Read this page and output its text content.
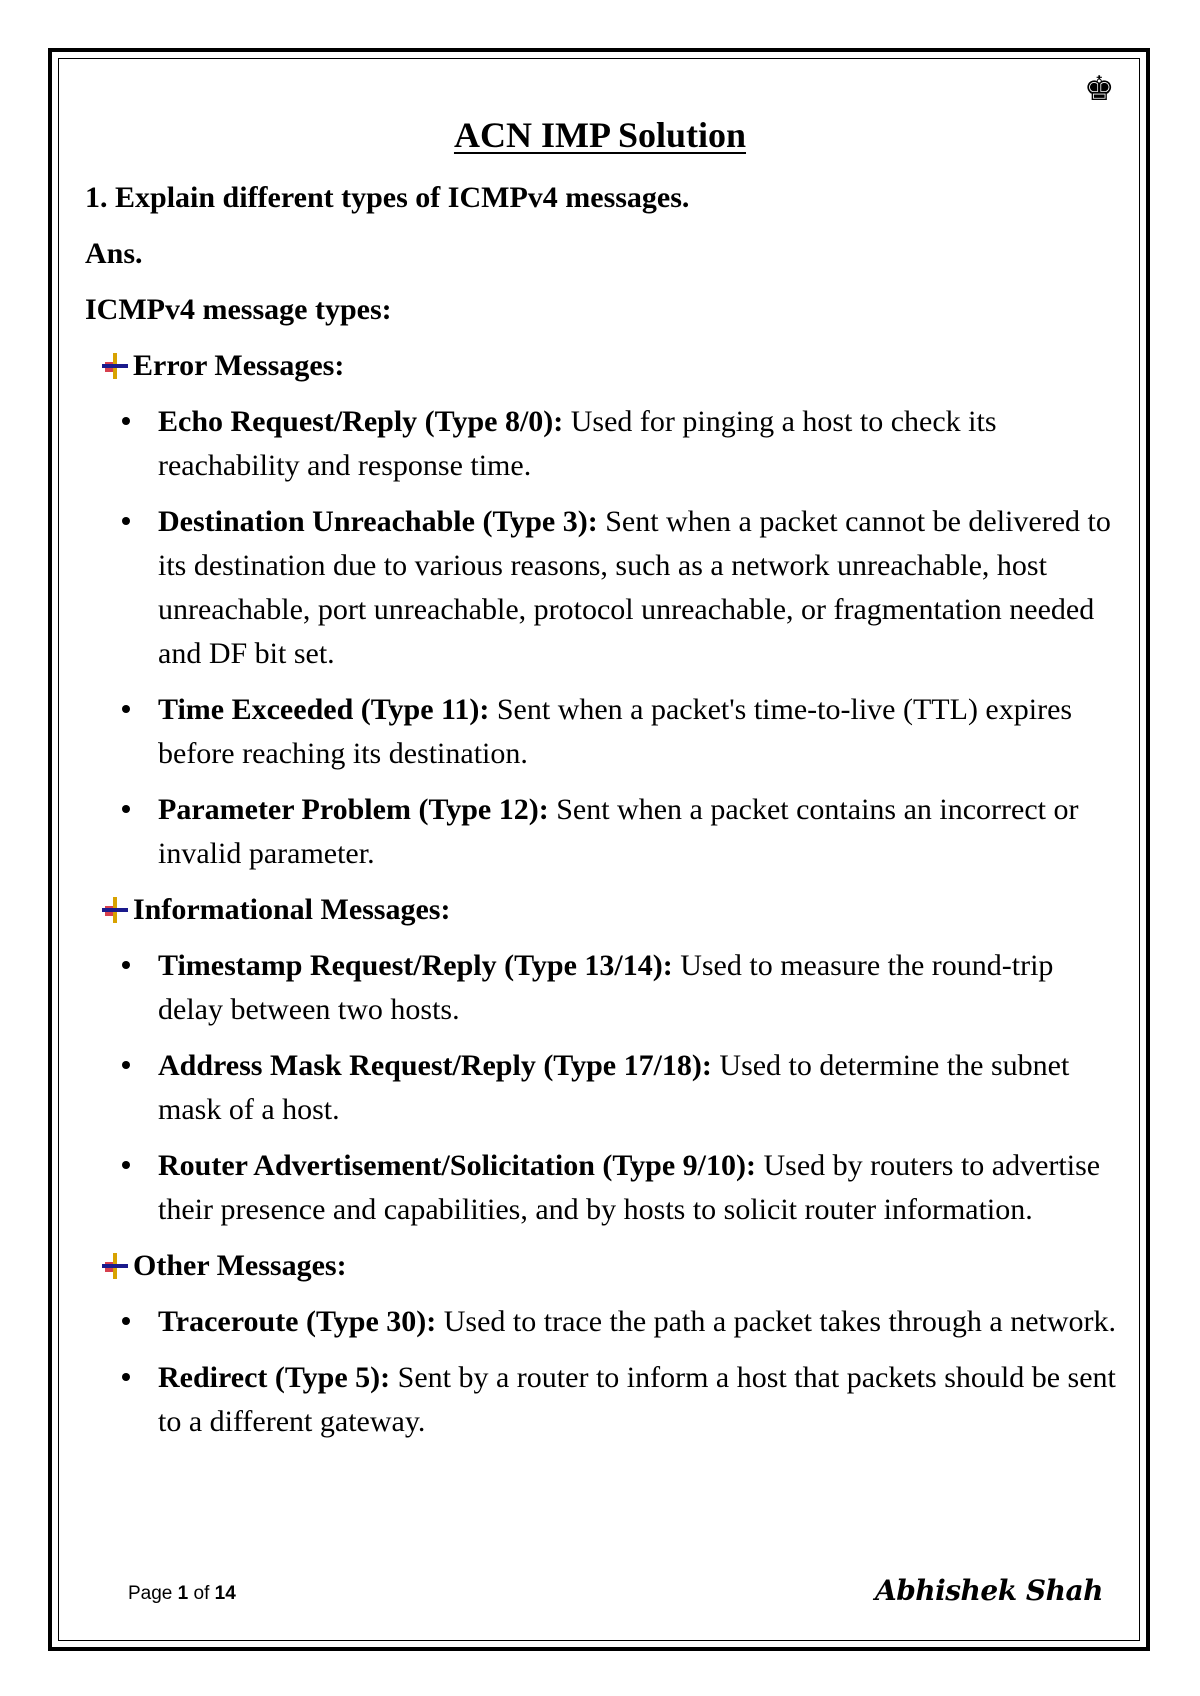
♚
ACN IMP Solution
1. Explain different types of ICMPv4 messages.
Ans.
ICMPv4 message types:
Error Messages:
Echo Request/Reply (Type 8/0): Used for pinging a host to check its reachability and response time.
Destination Unreachable (Type 3): Sent when a packet cannot be delivered to its destination due to various reasons, such as a network unreachable, host unreachable, port unreachable, protocol unreachable, or fragmentation needed and DF bit set.
Time Exceeded (Type 11): Sent when a packet's time-to-live (TTL) expires before reaching its destination.
Parameter Problem (Type 12): Sent when a packet contains an incorrect or invalid parameter.
Informational Messages:
Timestamp Request/Reply (Type 13/14): Used to measure the round-trip delay between two hosts.
Address Mask Request/Reply (Type 17/18): Used to determine the subnet mask of a host.
Router Advertisement/Solicitation (Type 9/10): Used by routers to advertise their presence and capabilities, and by hosts to solicit router information.
Other Messages:
Traceroute (Type 30): Used to trace the path a packet takes through a network.
Redirect (Type 5): Sent by a router to inform a host that packets should be sent to a different gateway.
Page 1 of 14	Abhishek Shah
